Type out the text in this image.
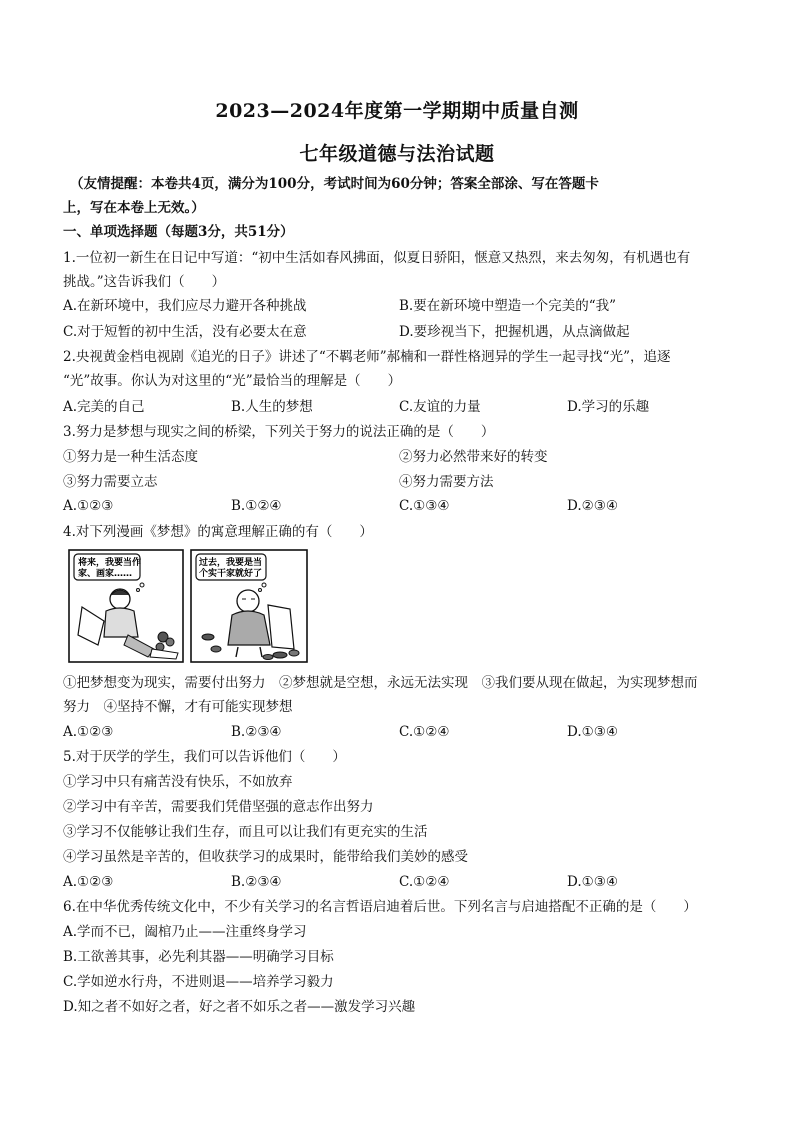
2023—2024年度第一学期期中质量自测
七年级道德与法治试题
（友情提醒：本卷共4页，满分为100分，考试时间为60分钟；答案全部涂、写在答题卡
上，写在本卷上无效。）
一、单项选择题（每题3分，共51分）
1.一位初一新生在日记中写道：“初中生活如春风拂面，似夏日骄阳，惬意又热烈，来去匆匆，有机遇也有
挑战。”这告诉我们（　　）
A.在新环境中，我们应尽力避开各种挑战	B.要在新环境中塑造一个完美的“我”
C.对于短暂的初中生活，没有必要太在意	D.要珍视当下，把握机遇，从点滴做起
2.央视黄金档电视剧《追光的日子》讲述了“不羁老师”郝楠和一群性格迥异的学生一起寻找“光”，追逐
“光”故事。你认为对这里的“光”最恰当的理解是（　　）
A.完美的自己	B.人生的梦想	C.友谊的力量	D.学习的乐趣
3.努力是梦想与现实之间的桥梁，下列关于努力的说法正确的是（　　）
①努力是一种生活态度	②努力必然带来好的转变
③努力需要立志	④努力需要方法
A.①②③	B.①②④	C.①③④	D.②③④
4.对下列漫画《梦想》的寓意理解正确的有（　　）
将来，我要当作
家、画家……
过去，我要是当
个实干家就好了
①把梦想变为现实，需要付出努力　②梦想就是空想，永远无法实现　③我们要从现在做起，为实现梦想而
努力　④坚持不懈，才有可能实现梦想
A.①②③	B.②③④	C.①②④	D.①③④
5.对于厌学的学生，我们可以告诉他们（　　）
①学习中只有痛苦没有快乐，不如放弃
②学习中有辛苦，需要我们凭借坚强的意志作出努力
③学习不仅能够让我们生存，而且可以让我们有更充实的生活
④学习虽然是辛苦的，但收获学习的成果时，能带给我们美妙的感受
A.①②③	B.②③④	C.①②④	D.①③④
6.在中华优秀传统文化中，不少有关学习的名言哲语启迪着后世。下列名言与启迪搭配不正确的是（　　）
A.学而不已，阖棺乃止——注重终身学习
B.工欲善其事，必先利其器——明确学习目标
C.学如逆水行舟，不进则退——培养学习毅力
D.知之者不如好之者，好之者不如乐之者——激发学习兴趣
